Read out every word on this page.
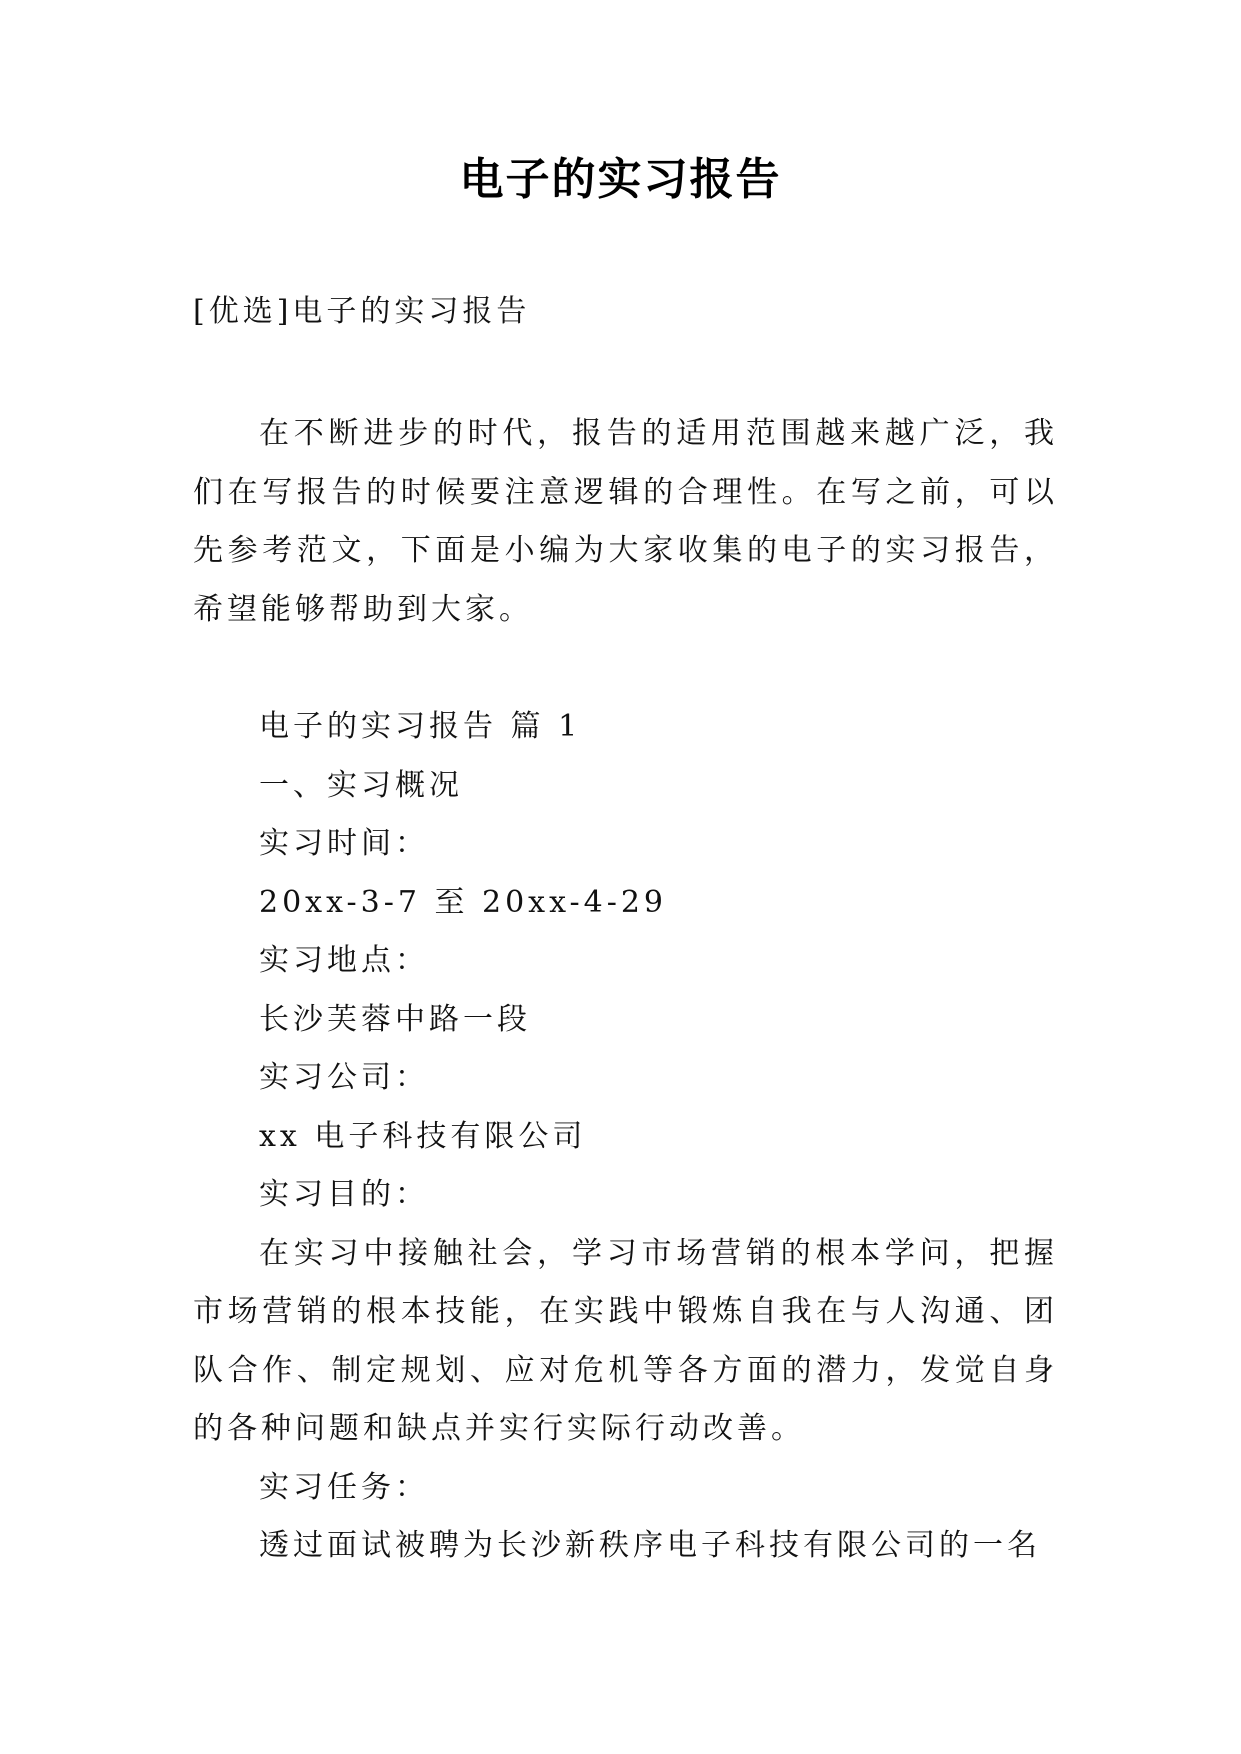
电子的实习报告
[优选]电子的实习报告

在不断进步的时代，报告的适用范围越来越广泛，我们在写报告的时候要注意逻辑的合理性。在写之前，可以先参考范文，下面是小编为大家收集的电子的实习报告，希望能够帮助到大家。

电子的实习报告 篇 1

一、实习概况

实习时间：

20xx-3-7 至 20xx-4-29

实习地点：

长沙芙蓉中路一段

实习公司：

xx 电子科技有限公司

实习目的：

在实习中接触社会，学习市场营销的根本学问，把握市场营销的根本技能，在实践中锻炼自我在与人沟通、团队合作、制定规划、应对危机等各方面的潜力，发觉自身的各种问题和缺点并实行实际行动改善。

实习任务：

透过面试被聘为长沙新秩序电子科技有限公司的一名
